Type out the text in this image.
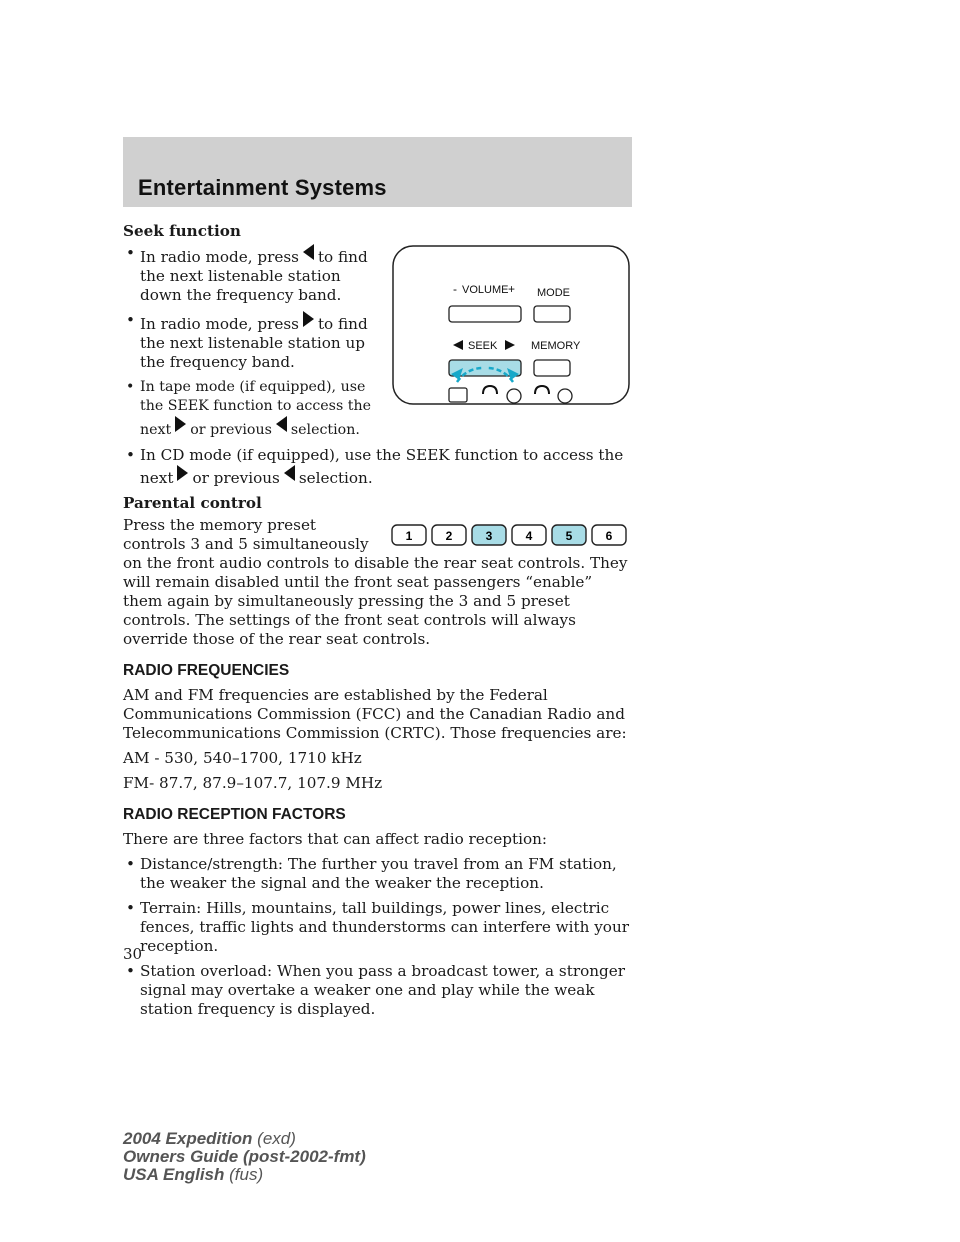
Entertainment Systems
- VOLUME + MODE
SEEK	MEMORY
Seek function
• In radio mode, press to find the next listenable station down the frequency band.
• In radio mode, press to find the next listenable station up the frequency band.
• In tape mode (if equipped), use the SEEK function to access the next or previous selection.
• In CD mode (if equipped), use the SEEK function to access the next or previous selection.
Parental control
1	2	3	4	5	6

Press the memory preset controls 3 and 5 simultaneously on the front audio controls to disable the rear seat controls. They will remain disabled until the front seat passengers “enable” them again by simultaneously pressing the 3 and 5 preset controls. The settings of the front seat controls will always override those of the rear seat controls.

RADIO FREQUENCIES

AM and FM frequencies are established by the Federal Communications Commission (FCC) and the Canadian Radio and Telecommunications Commission (CRTC). Those frequencies are:

AM - 530, 540–1700, 1710 kHz

FM- 87.7, 87.9–107.7, 107.9 MHz

RADIO RECEPTION FACTORS

There are three factors that can affect radio reception:

• Distance/strength: The further you travel from an FM station, the weaker the signal and the weaker the reception.
• Terrain: Hills, mountains, tall buildings, power lines, electric fences, traffic lights and thunderstorms can interfere with your reception.
• Station overload: When you pass a broadcast tower, a stronger signal may overtake a weaker one and play while the weak station frequency is displayed.
30
2004 Expedition (exd)
Owners Guide (post-2002-fmt)
USA English (fus)
